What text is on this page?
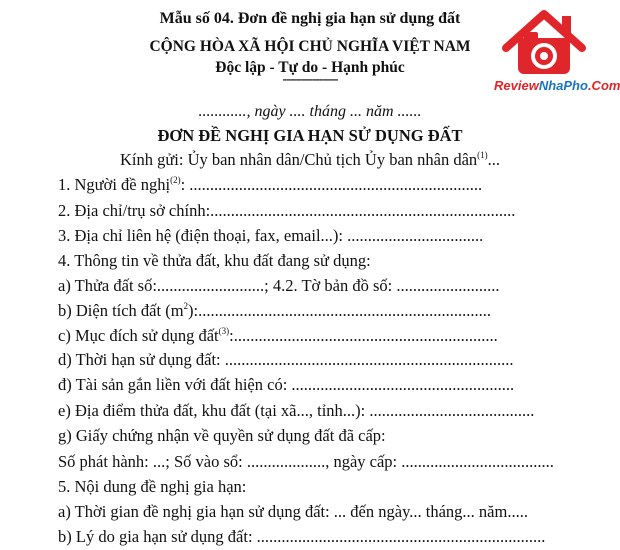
Mẫu số 04. Đơn đề nghị gia hạn sử dụng đất
CỘNG HÒA XÃ HỘI CHỦ NGHĨA VIỆT NAM
Độc lập - Tự do - Hạnh phúc
---------------	ReviewNhaPho.Com
............, ngày .... tháng ... năm ......
ĐƠN ĐỀ NGHỊ GIA HẠN SỬ DỤNG ĐẤT
Kính gửi: Ủy ban nhân dân/Chủ tịch Ủy ban nhân dân$^{(1)}$...
1. Người đề nghị$^{(2)}$: .......................................................................
2. Địa chỉ/trụ sở chính:..........................................................................
3. Địa chỉ liên hệ (điện thoại, fax, email...): .................................
4. Thông tin về thửa đất, khu đất đang sử dụng:
a) Thửa đất số:..........................; 4.2. Tờ bản đồ số: .........................
b) Diện tích đất $(m^2)$:.......................................................................
c) Mục đích sử dụng đất$^{(3)}$:................................................................
d) Thời hạn sử dụng đất: ......................................................................
đ) Tài sản gắn liền với đất hiện có: ......................................................
e) Địa điểm thửa đất, khu đất (tại xã..., tỉnh...): ........................................
g) Giấy chứng nhận về quyền sử dụng đất đã cấp:
Số phát hành: ...; Số vào sổ: ..................., ngày cấp: .....................................
5. Nội dung đề nghị gia hạn:
a) Thời gian đề nghị gia hạn sử dụng đất: ... đến ngày... tháng... năm.....
b) Lý do gia hạn sử dụng đất: ......................................................................
